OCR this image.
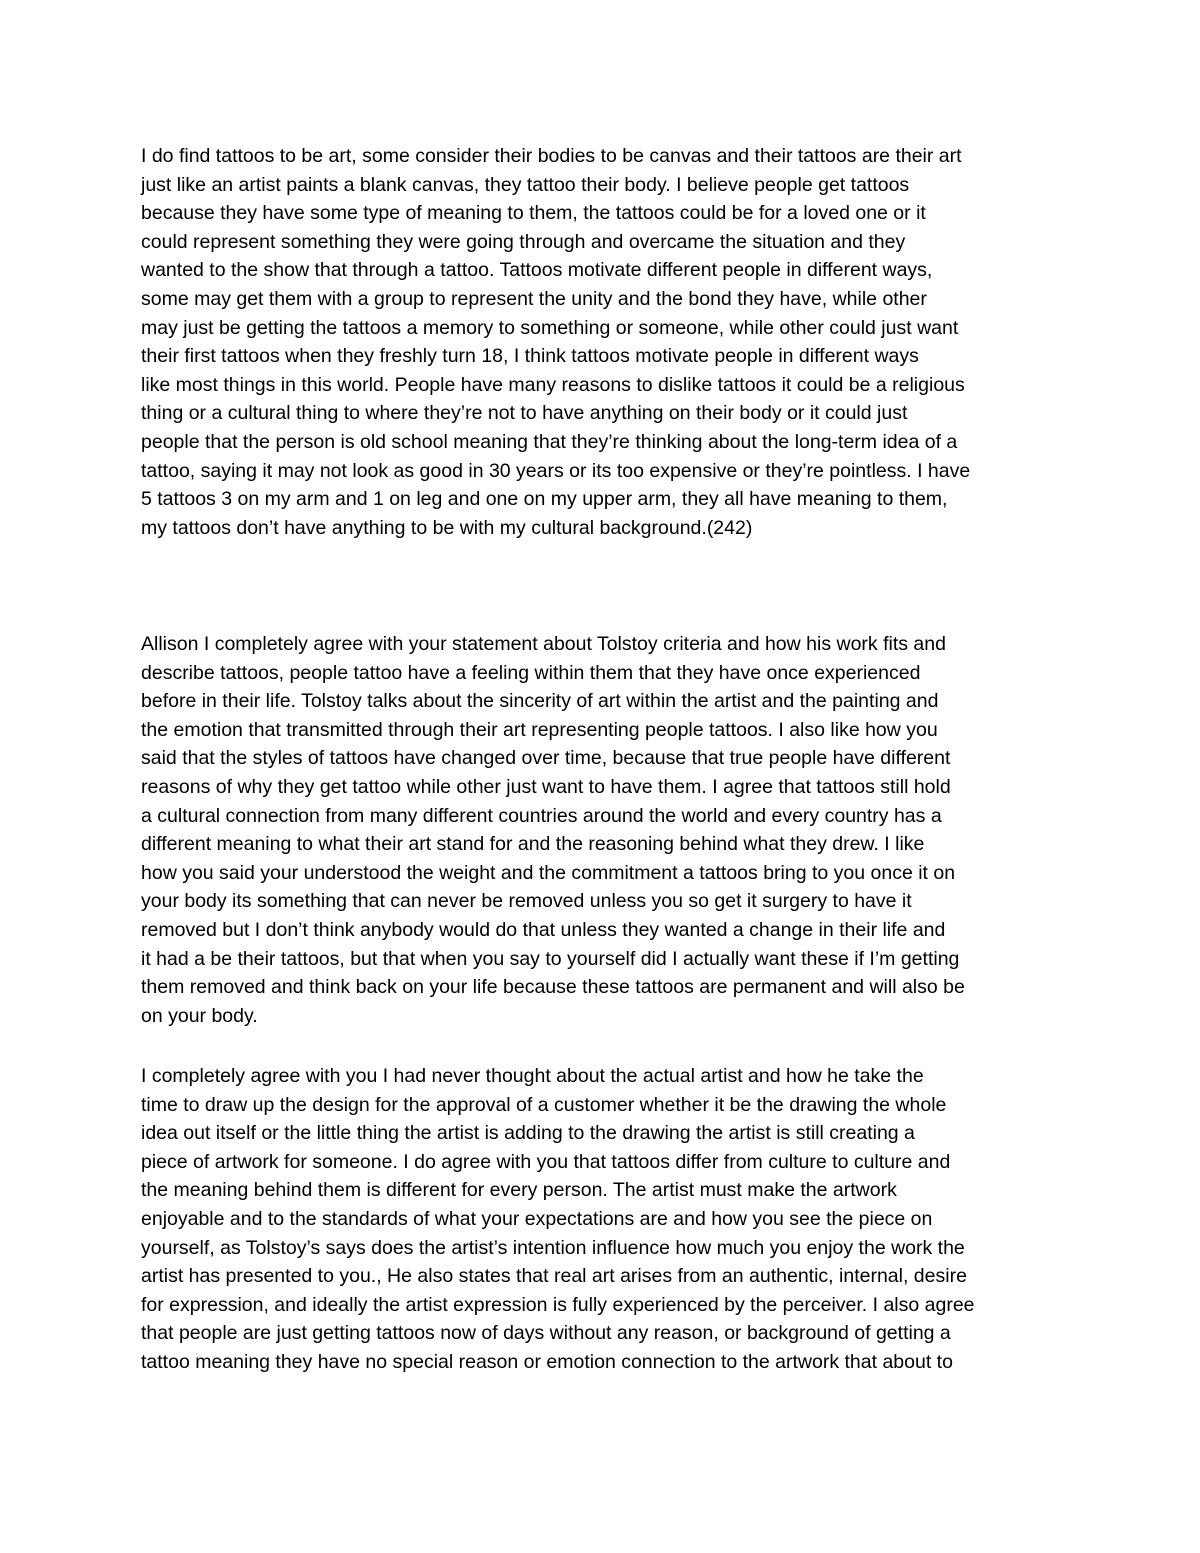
I do find tattoos to be art, some consider their bodies to be canvas and their tattoos are their art
just like an artist paints a blank canvas, they tattoo their body. I believe people get tattoos
because they have some type of meaning to them, the tattoos could be for a loved one or it
could represent something they were going through and overcame the situation and they
wanted to the show that through a tattoo. Tattoos motivate different people in different ways,
some may get them with a group to represent the unity and the bond they have, while other
may just be getting the tattoos a memory to something or someone, while other could just want
their first tattoos when they freshly turn 18, I think tattoos motivate people in different ways
like most things in this world. People have many reasons to dislike tattoos it could be a religious
thing or a cultural thing to where they’re not to have anything on their body or it could just
people that the person is old school meaning that they’re thinking about the long-term idea of a
tattoo, saying it may not look as good in 30 years or its too expensive or they’re pointless. I have
5 tattoos 3 on my arm and 1 on leg and one on my upper arm, they all have meaning to them,
my tattoos don’t have anything to be with my cultural background.(242)
Allison I completely agree with your statement about Tolstoy criteria and how his work fits and
describe tattoos, people tattoo have a feeling within them that they have once experienced
before in their life. Tolstoy talks about the sincerity of art within the artist and the painting and
the emotion that transmitted through their art representing people tattoos. I also like how you
said that the styles of tattoos have changed over time, because that true people have different
reasons of why they get tattoo while other just want to have them. I agree that tattoos still hold
a cultural connection from many different countries around the world and every country has a
different meaning to what their art stand for and the reasoning behind what they drew. I like
how you said your understood the weight and the commitment a tattoos bring to you once it on
your body its something that can never be removed unless you so get it surgery to have it
removed but I don’t think anybody would do that unless they wanted a change in their life and
it had a be their tattoos, but that when you say to yourself did I actually want these if I’m getting
them removed and think back on your life because these tattoos are permanent and will also be
on your body.
I completely agree with you I had never thought about the actual artist and how he take the
time to draw up the design for the approval of a customer whether it be the drawing the whole
idea out itself or the little thing the artist is adding to the drawing the artist is still creating a
piece of artwork for someone. I do agree with you that tattoos differ from culture to culture and
the meaning behind them is different for every person. The artist must make the artwork
enjoyable and to the standards of what your expectations are and how you see the piece on
yourself, as Tolstoy’s says does the artist’s intention influence how much you enjoy the work the
artist has presented to you., He also states that real art arises from an authentic, internal, desire
for expression, and ideally the artist expression is fully experienced by the perceiver. I also agree
that people are just getting tattoos now of days without any reason, or background of getting a
tattoo meaning they have no special reason or emotion connection to the artwork that about to
